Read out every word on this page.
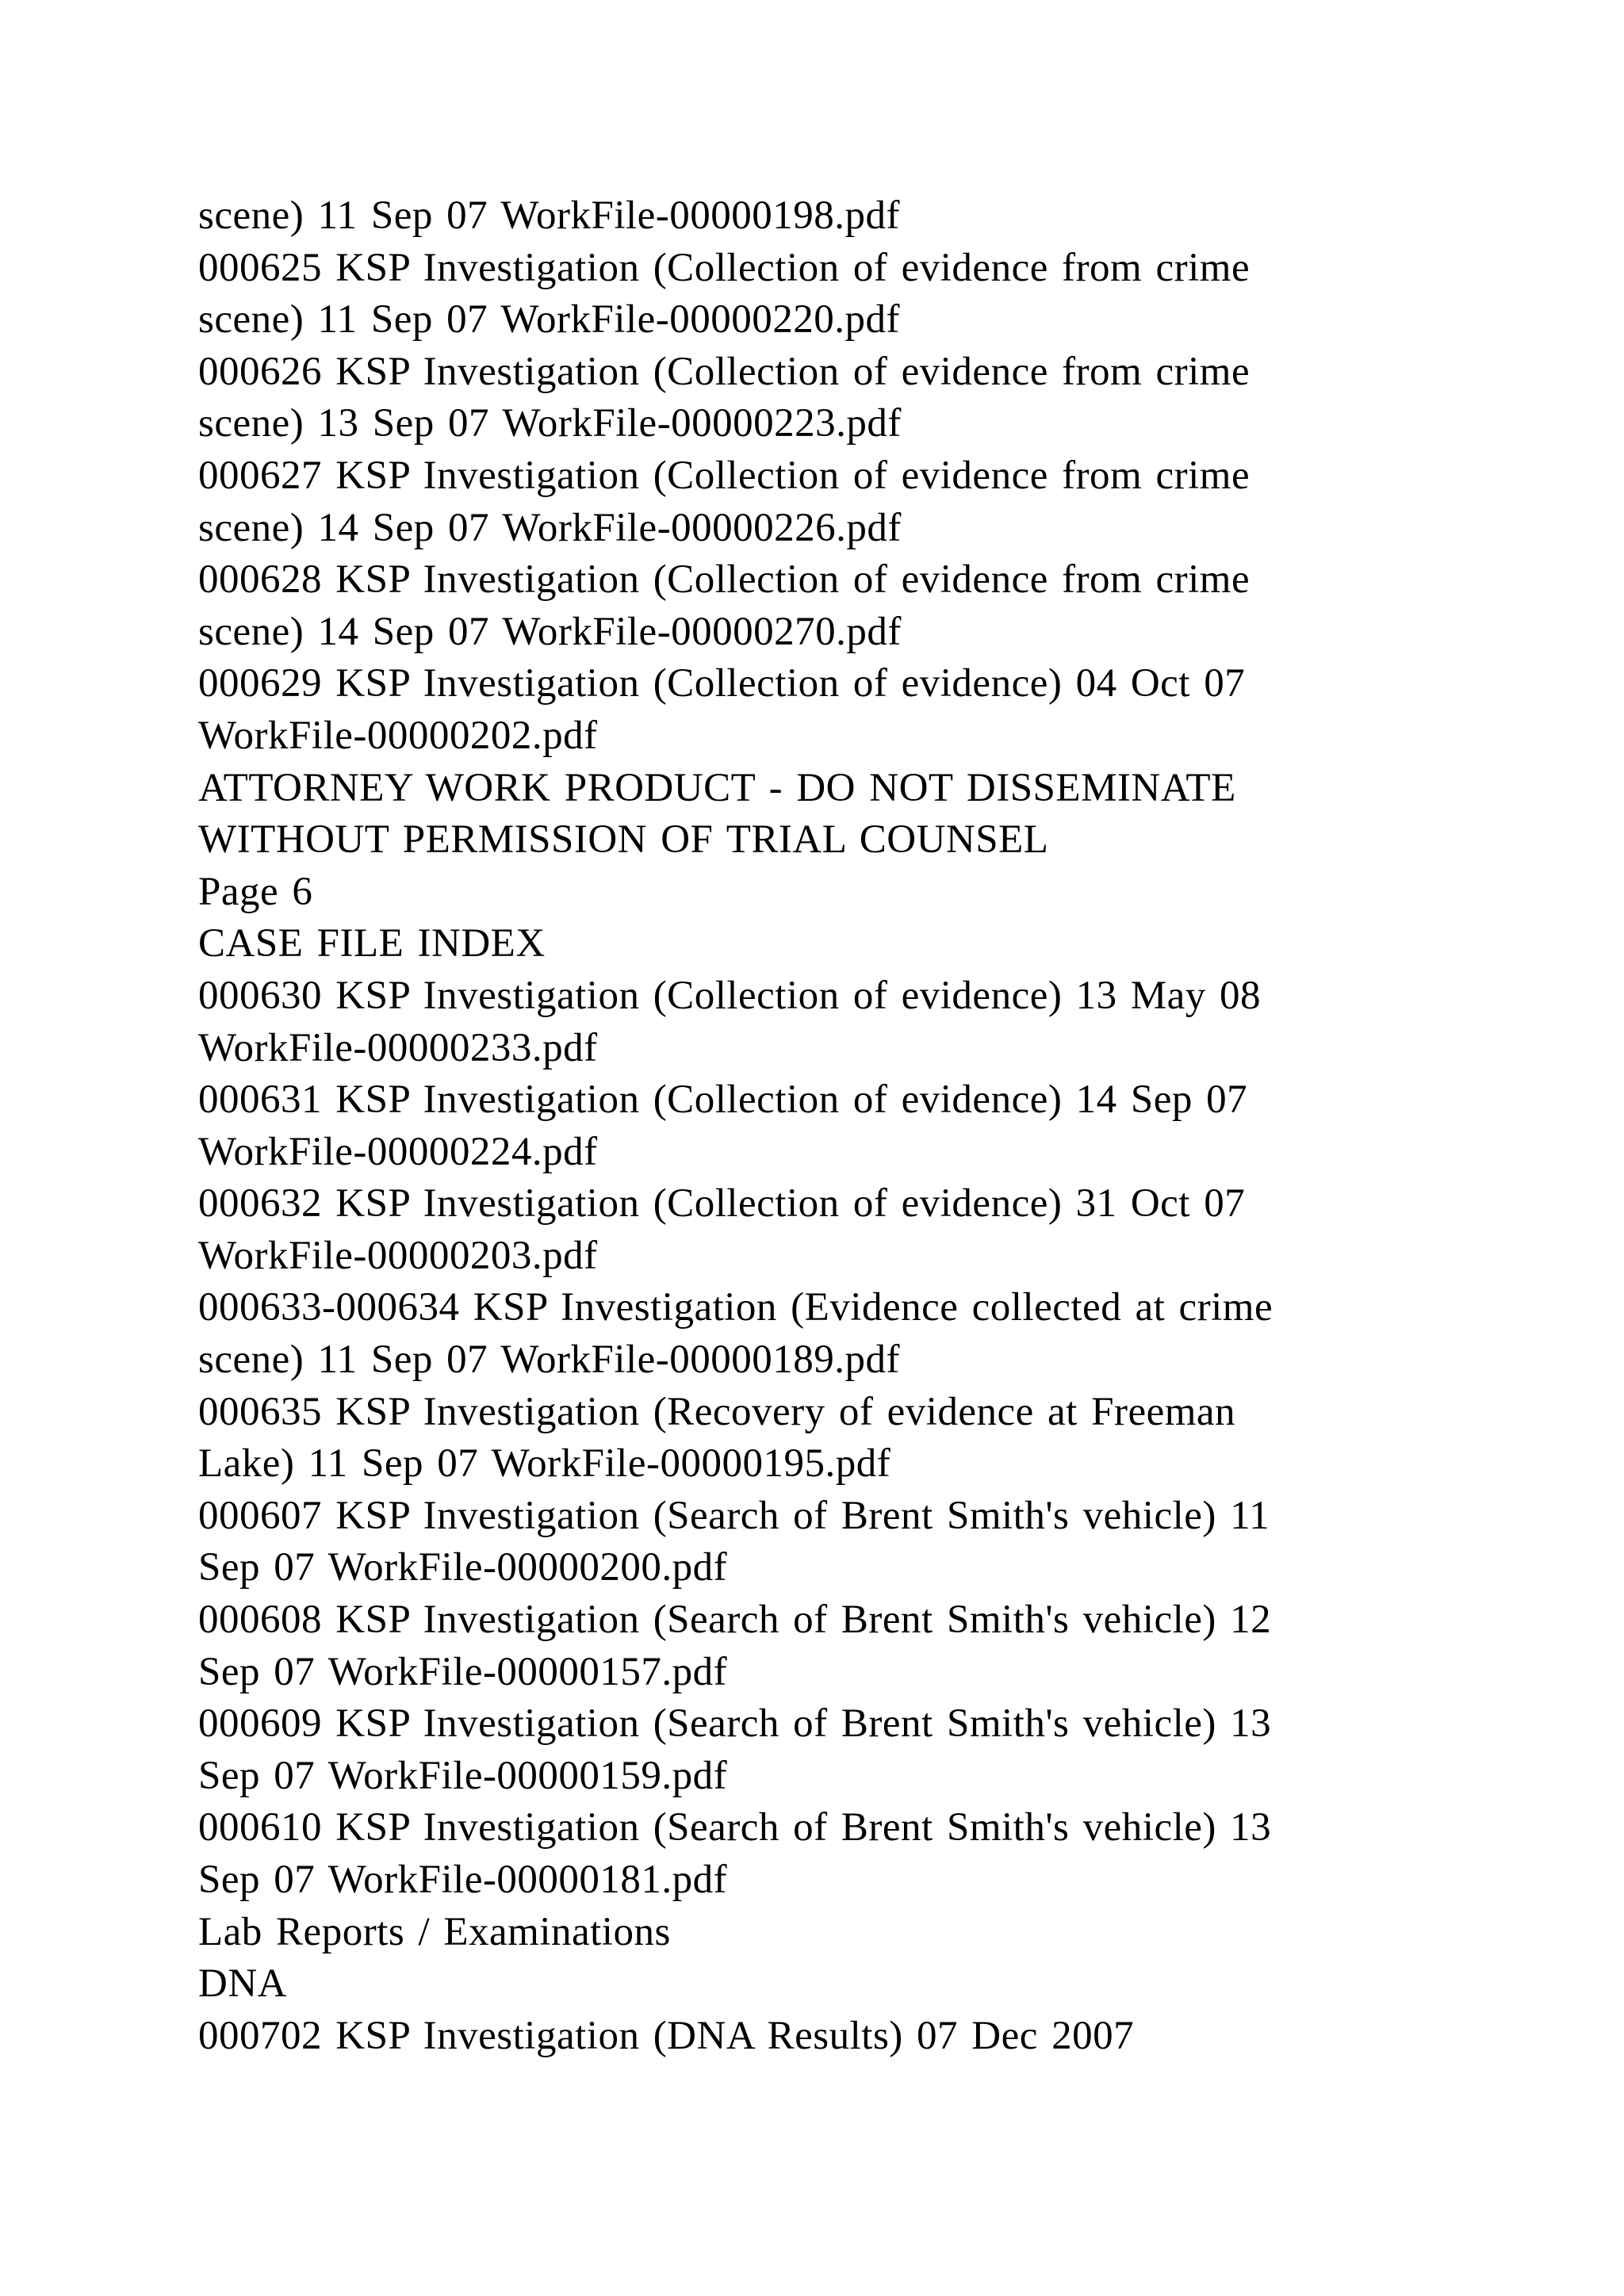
scene) 11 Sep 07 WorkFile-00000198.pdf
000625 KSP Investigation (Collection of evidence from crime
scene) 11 Sep 07 WorkFile-00000220.pdf
000626 KSP Investigation (Collection of evidence from crime
scene) 13 Sep 07 WorkFile-00000223.pdf
000627 KSP Investigation (Collection of evidence from crime
scene) 14 Sep 07 WorkFile-00000226.pdf
000628 KSP Investigation (Collection of evidence from crime
scene) 14 Sep 07 WorkFile-00000270.pdf
000629 KSP Investigation (Collection of evidence) 04 Oct 07
WorkFile-00000202.pdf
ATTORNEY WORK PRODUCT - DO NOT DISSEMINATE
WITHOUT PERMISSION OF TRIAL COUNSEL
Page 6
CASE FILE INDEX
000630 KSP Investigation (Collection of evidence) 13 May 08
WorkFile-00000233.pdf
000631 KSP Investigation (Collection of evidence) 14 Sep 07
WorkFile-00000224.pdf
000632 KSP Investigation (Collection of evidence) 31 Oct 07
WorkFile-00000203.pdf
000633-000634 KSP Investigation (Evidence collected at crime
scene) 11 Sep 07 WorkFile-00000189.pdf
000635 KSP Investigation (Recovery of evidence at Freeman
Lake) 11 Sep 07 WorkFile-00000195.pdf
000607 KSP Investigation (Search of Brent Smith's vehicle) 11
Sep 07 WorkFile-00000200.pdf
000608 KSP Investigation (Search of Brent Smith's vehicle) 12
Sep 07 WorkFile-00000157.pdf
000609 KSP Investigation (Search of Brent Smith's vehicle) 13
Sep 07 WorkFile-00000159.pdf
000610 KSP Investigation (Search of Brent Smith's vehicle) 13
Sep 07 WorkFile-00000181.pdf
Lab Reports / Examinations
DNA
000702 KSP Investigation (DNA Results) 07 Dec 2007
